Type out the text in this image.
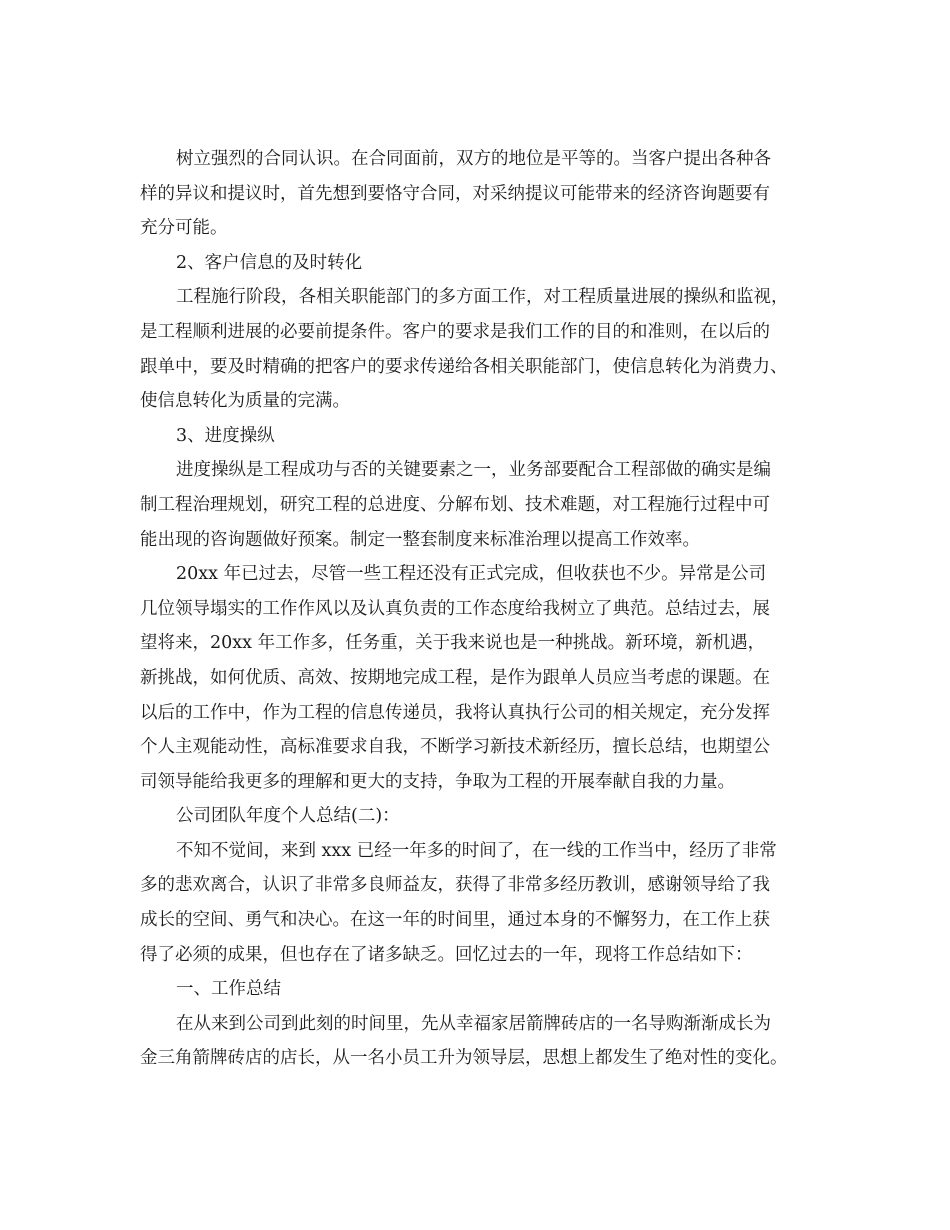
树立强烈的合同认识。在合同面前，双方的地位是平等的。当客户提出各种各
样的异议和提议时，首先想到要恪守合同，对采纳提议可能带来的经济咨询题要有
充分可能。

2、客户信息的及时转化

工程施行阶段，各相关职能部门的多方面工作，对工程质量进展的操纵和监视，
是工程顺利进展的必要前提条件。客户的要求是我们工作的目的和准则，在以后的
跟单中，要及时精确的把客户的要求传递给各相关职能部门，使信息转化为消费力、
使信息转化为质量的完满。

3、进度操纵

进度操纵是工程成功与否的关键要素之一，业务部要配合工程部做的确实是编
制工程治理规划，研究工程的总进度、分解布划、技术难题，对工程施行过程中可
能出现的咨询题做好预案。制定一整套制度来标准治理以提高工作效率。

20xx 年已过去，尽管一些工程还没有正式完成，但收获也不少。异常是公司
几位领导塌实的工作作风以及认真负责的工作态度给我树立了典范。总结过去，展
望将来，20xx 年工作多，任务重，关于我来说也是一种挑战。新环境，新机遇，
新挑战，如何优质、高效、按期地完成工程，是作为跟单人员应当考虑的课题。在
以后的工作中，作为工程的信息传递员，我将认真执行公司的相关规定，充分发挥
个人主观能动性，高标准要求自我，不断学习新技术新经历，擅长总结，也期望公
司领导能给我更多的理解和更大的支持，争取为工程的开展奉献自我的力量。

公司团队年度个人总结(二)：

不知不觉间，来到 xxx 已经一年多的时间了，在一线的工作当中，经历了非常
多的悲欢离合，认识了非常多良师益友，获得了非常多经历教训，感谢领导给了我
成长的空间、勇气和决心。在这一年的时间里，通过本身的不懈努力，在工作上获
得了必须的成果，但也存在了诸多缺乏。回忆过去的一年，现将工作总结如下：

一、工作总结

在从来到公司到此刻的时间里，先从幸福家居箭牌砖店的一名导购渐渐成长为
金三角箭牌砖店的店长，从一名小员工升为领导层，思想上都发生了绝对性的变化。
